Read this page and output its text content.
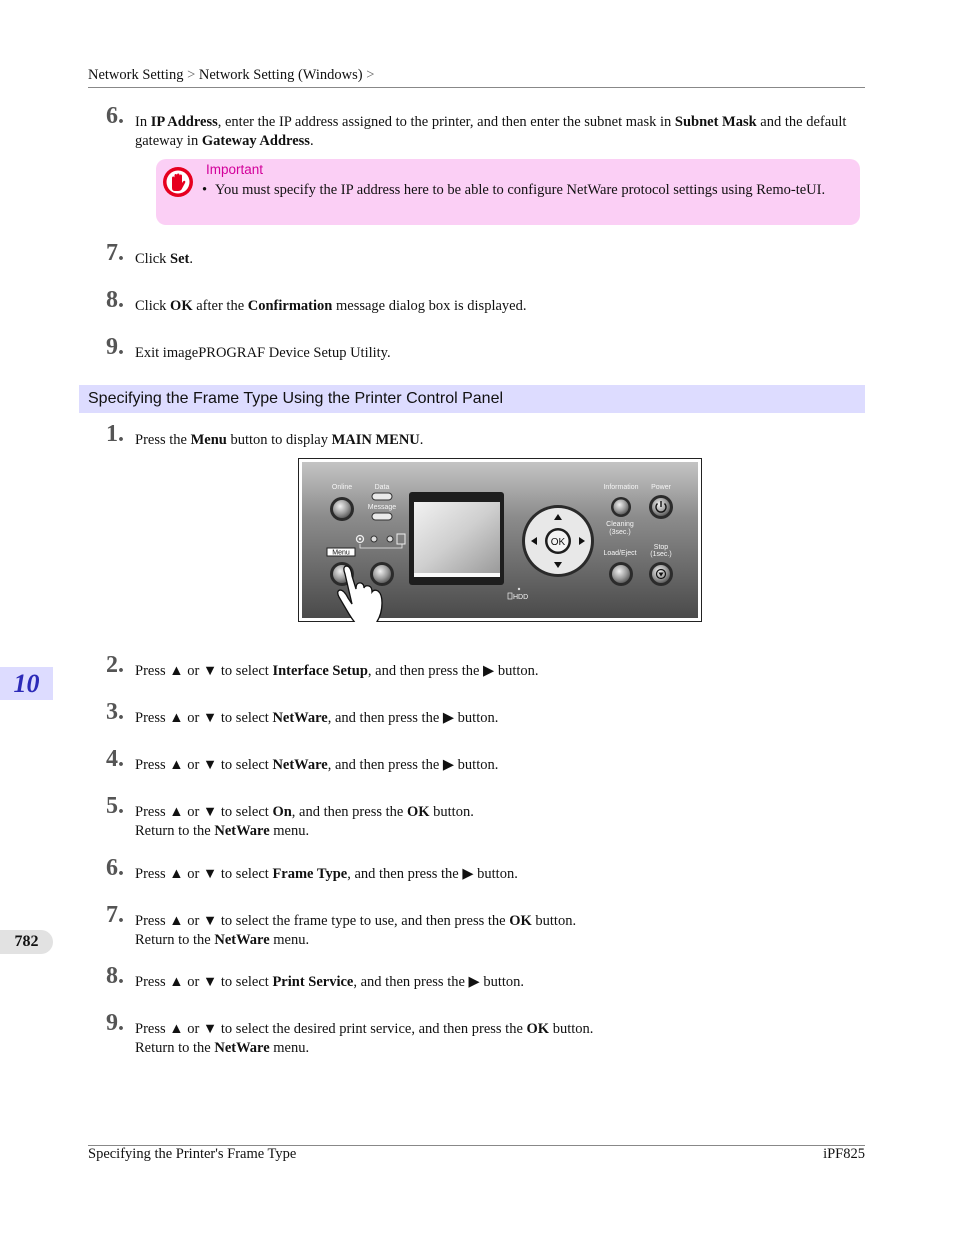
Network Setting > Network Setting (Windows) >
6. In IP Address, enter the IP address assigned to the printer, and then enter the subnet mask in Subnet Mask and the default gateway in Gateway Address.
Important
• You must specify the IP address here to be able to configure NetWare protocol settings using Remo-teUI.
7. Click Set.
8. Click OK after the Confirmation message dialog box is displayed.
9. Exit imagePROGRAF Device Setup Utility.
Specifying the Frame Type Using the Printer Control Panel
1. Press the Menu button to display MAIN MENU.
Online	Data
Message
Menu
OK
HDD
Information Power
Cleaning
(3sec.)
Load/Eject
Stop
(1sec.)
2. Press ▲ or ▼ to select Interface Setup, and then press the ▶ button.
3. Press ▲ or ▼ to select NetWare, and then press the ▶ button.
4. Press ▲ or ▼ to select NetWare, and then press the ▶ button.
5. Press ▲ or ▼ to select On, and then press the OK button.
Return to the NetWare menu.
6. Press ▲ or ▼ to select Frame Type, and then press the ▶ button.
7. Press ▲ or ▼ to select the frame type to use, and then press the OK button.
Return to the NetWare menu.
8. Press ▲ or ▼ to select Print Service, and then press the ▶ button.
9. Press ▲ or ▼ to select the desired print service, and then press the OK button.
Return to the NetWare menu.
10
782
Specifying the Printer's Frame Type	iPF825
